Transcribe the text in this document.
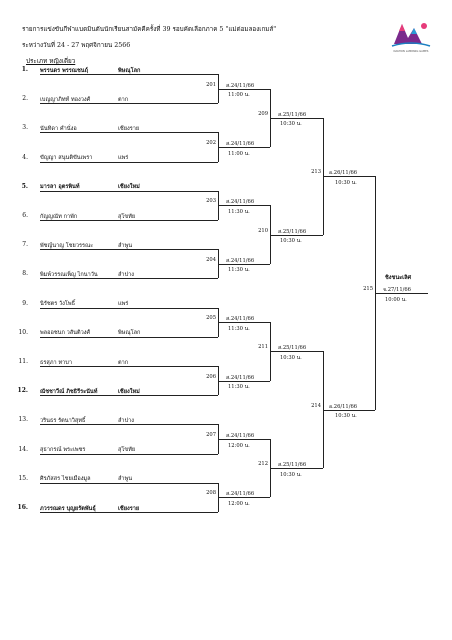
รายการแข่งขันกีฬาแบดมินตันนักเรียนสามัคคีครั้งที่ 39 รอบคัดเลือกภาค 5 "แม่ต่อมลองเกมส์"
ระหว่างวันที่ 24 - 27 พฤศจิกายน 2566
ประเภท หญิงเดี่ยว
NAKHON LAMPANG GAMES
1. พรรนดร พรรณชนฤ์	พิษณุโลก
2. เบญญาภิทท์ ทองวงศ์	ตาก
3. นันทิดา คำนั่งอ	เชียงราย
4. ขัญญา สนุนติขันเพรา	แพร่
5. มารลา อุตรพินท์	เชียงใหม่
6. กัญญณัท กาพัก	สุโขทัย
7. พัชญ์นาญ โชยวรรณะ	ลำพูน
8. พิมพ์วรรณเพ็ญ ไกนาวัน	ลำปาง
9. นิรัชตร วังโพธิ์	แพร่
10. พลออชนก วสันติวงศ์	พิษณุโลก
11. ธรสุภา ทาบา	ตาก
12. ณัชชาวีณ์ ภิชธิรีระนันท์	เชียงใหม่
13. วรินธร รัตนาวิสุทธิ์	ลำปาง
14. สุธากรณ์ พระเพชร	สุโขทัย
15. ศิรภัสสร ไชยเมืองมูล	ลำพูน
16. ภวรรณดร บุญยรัตพันธุ์	เชียงราย
201 ส.24/11/66
11:00 น.
202 ส.24/11/66
11:00 น.
203 ส.24/11/66
11:30 น.
204 ส.24/11/66
11:30 น.
205 ส.24/11/66
11:30 น.
206 ส.24/11/66
11:30 น.
207 ส.24/11/66
12:00 น.
208 ส.24/11/66
12:00 น.
209 ส.25/11/66
10:30 น.
210 ส.25/11/66
10:30 น.
211 ส.25/11/66
10:30 น.
212 ส.25/11/66
10:30 น.
213 อ.26/11/66
10:30 น.
214 อ.26/11/66
10:30 น.
215
ชิงชนะเลิศ
จ.27/11/66
10:00 น.
